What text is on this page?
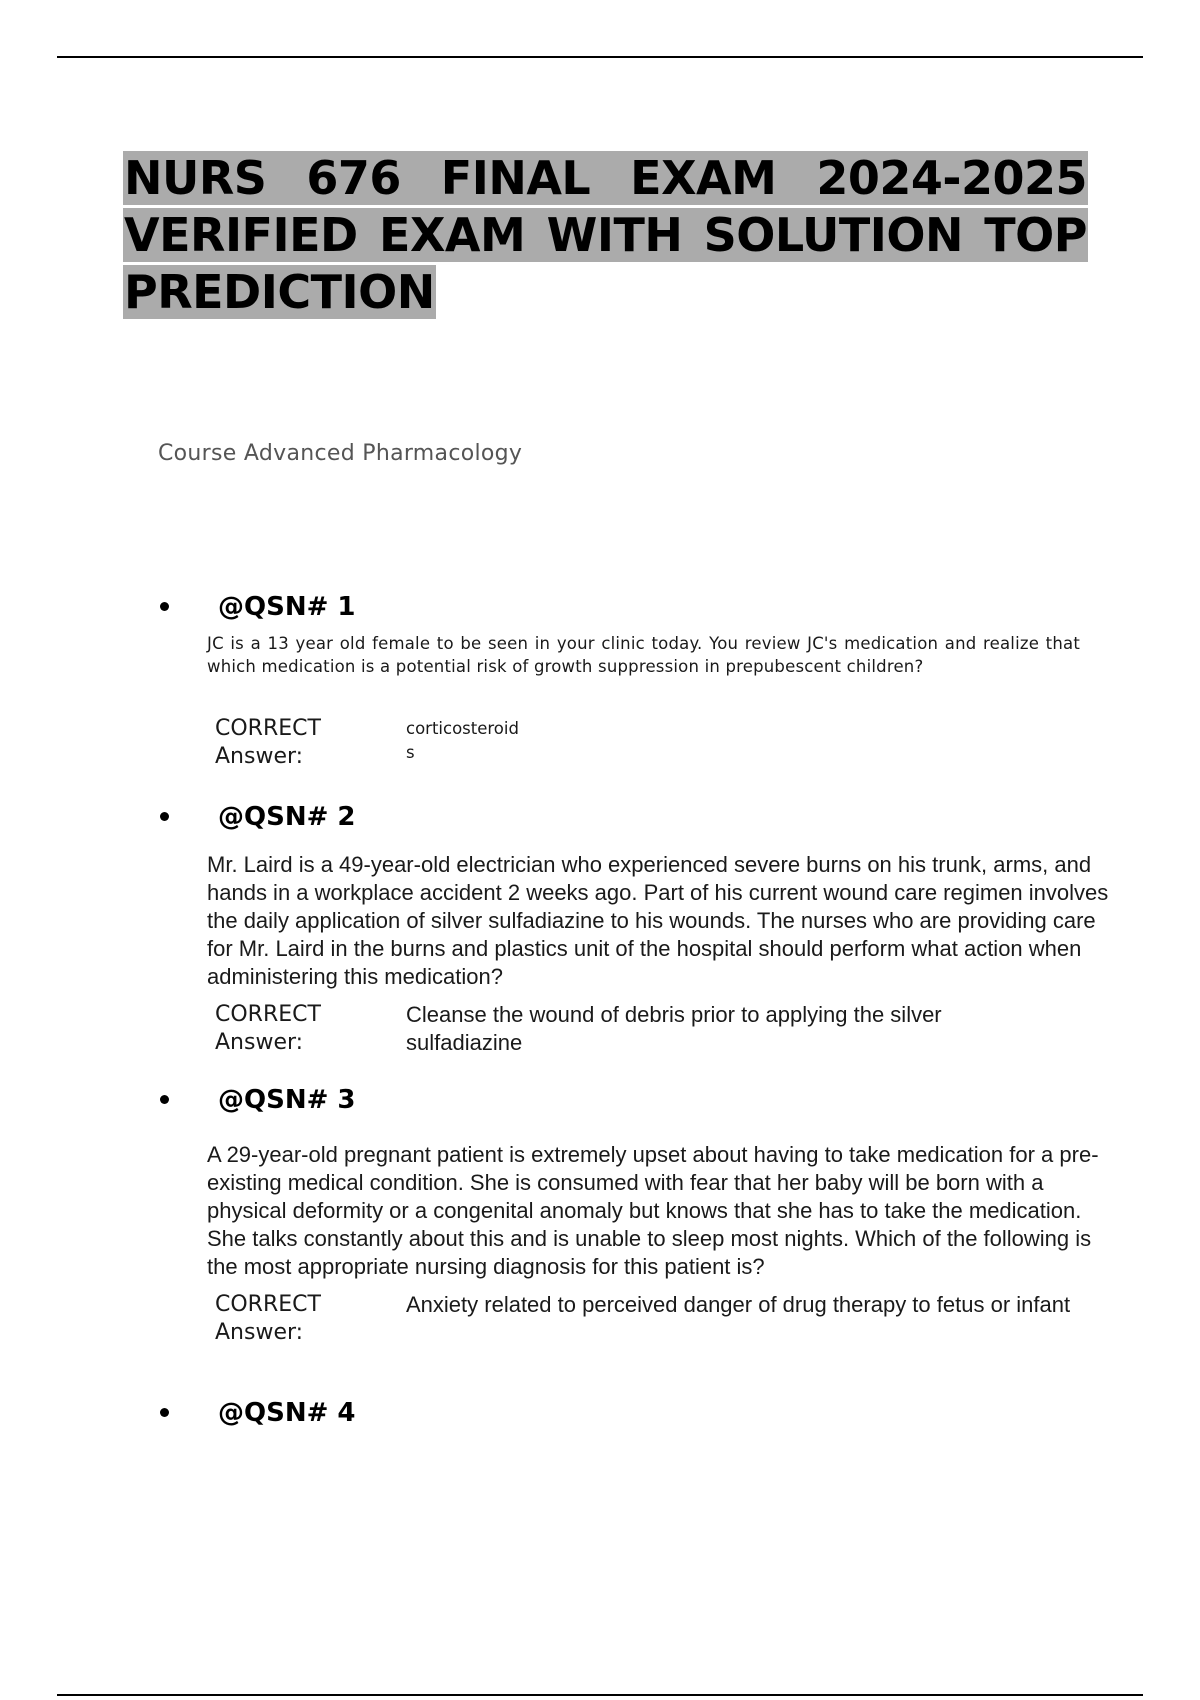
NURS 676 FINAL EXAM 2024-2025 VERIFIED EXAM WITH SOLUTION TOP PREDICTION
Course Advanced Pharmacology
@QSN# 1
JC is a 13 year old female to be seen in your clinic today. You review JC's medication and realize that which medication is a potential risk of growth suppression in prepubescent children?
CORRECT Answer:
corticosteroids
@QSN# 2
Mr. Laird is a 49-year-old electrician who experienced severe burns on his trunk, arms, and hands in a workplace accident 2 weeks ago. Part of his current wound care regimen involves the daily application of silver sulfadiazine to his wounds. The nurses who are providing care for Mr. Laird in the burns and plastics unit of the hospital should perform what action when administering this medication?
CORRECT Answer:
Cleanse the wound of debris prior to applying the silver sulfadiazine
@QSN# 3
A 29-year-old pregnant patient is extremely upset about having to take medication for a pre-existing medical condition. She is consumed with fear that her baby will be born with a physical deformity or a congenital anomaly but knows that she has to take the medication. She talks constantly about this and is unable to sleep most nights. Which of the following is the most appropriate nursing diagnosis for this patient is?
CORRECT Answer:
Anxiety related to perceived danger of drug therapy to fetus or infant
@QSN# 4
